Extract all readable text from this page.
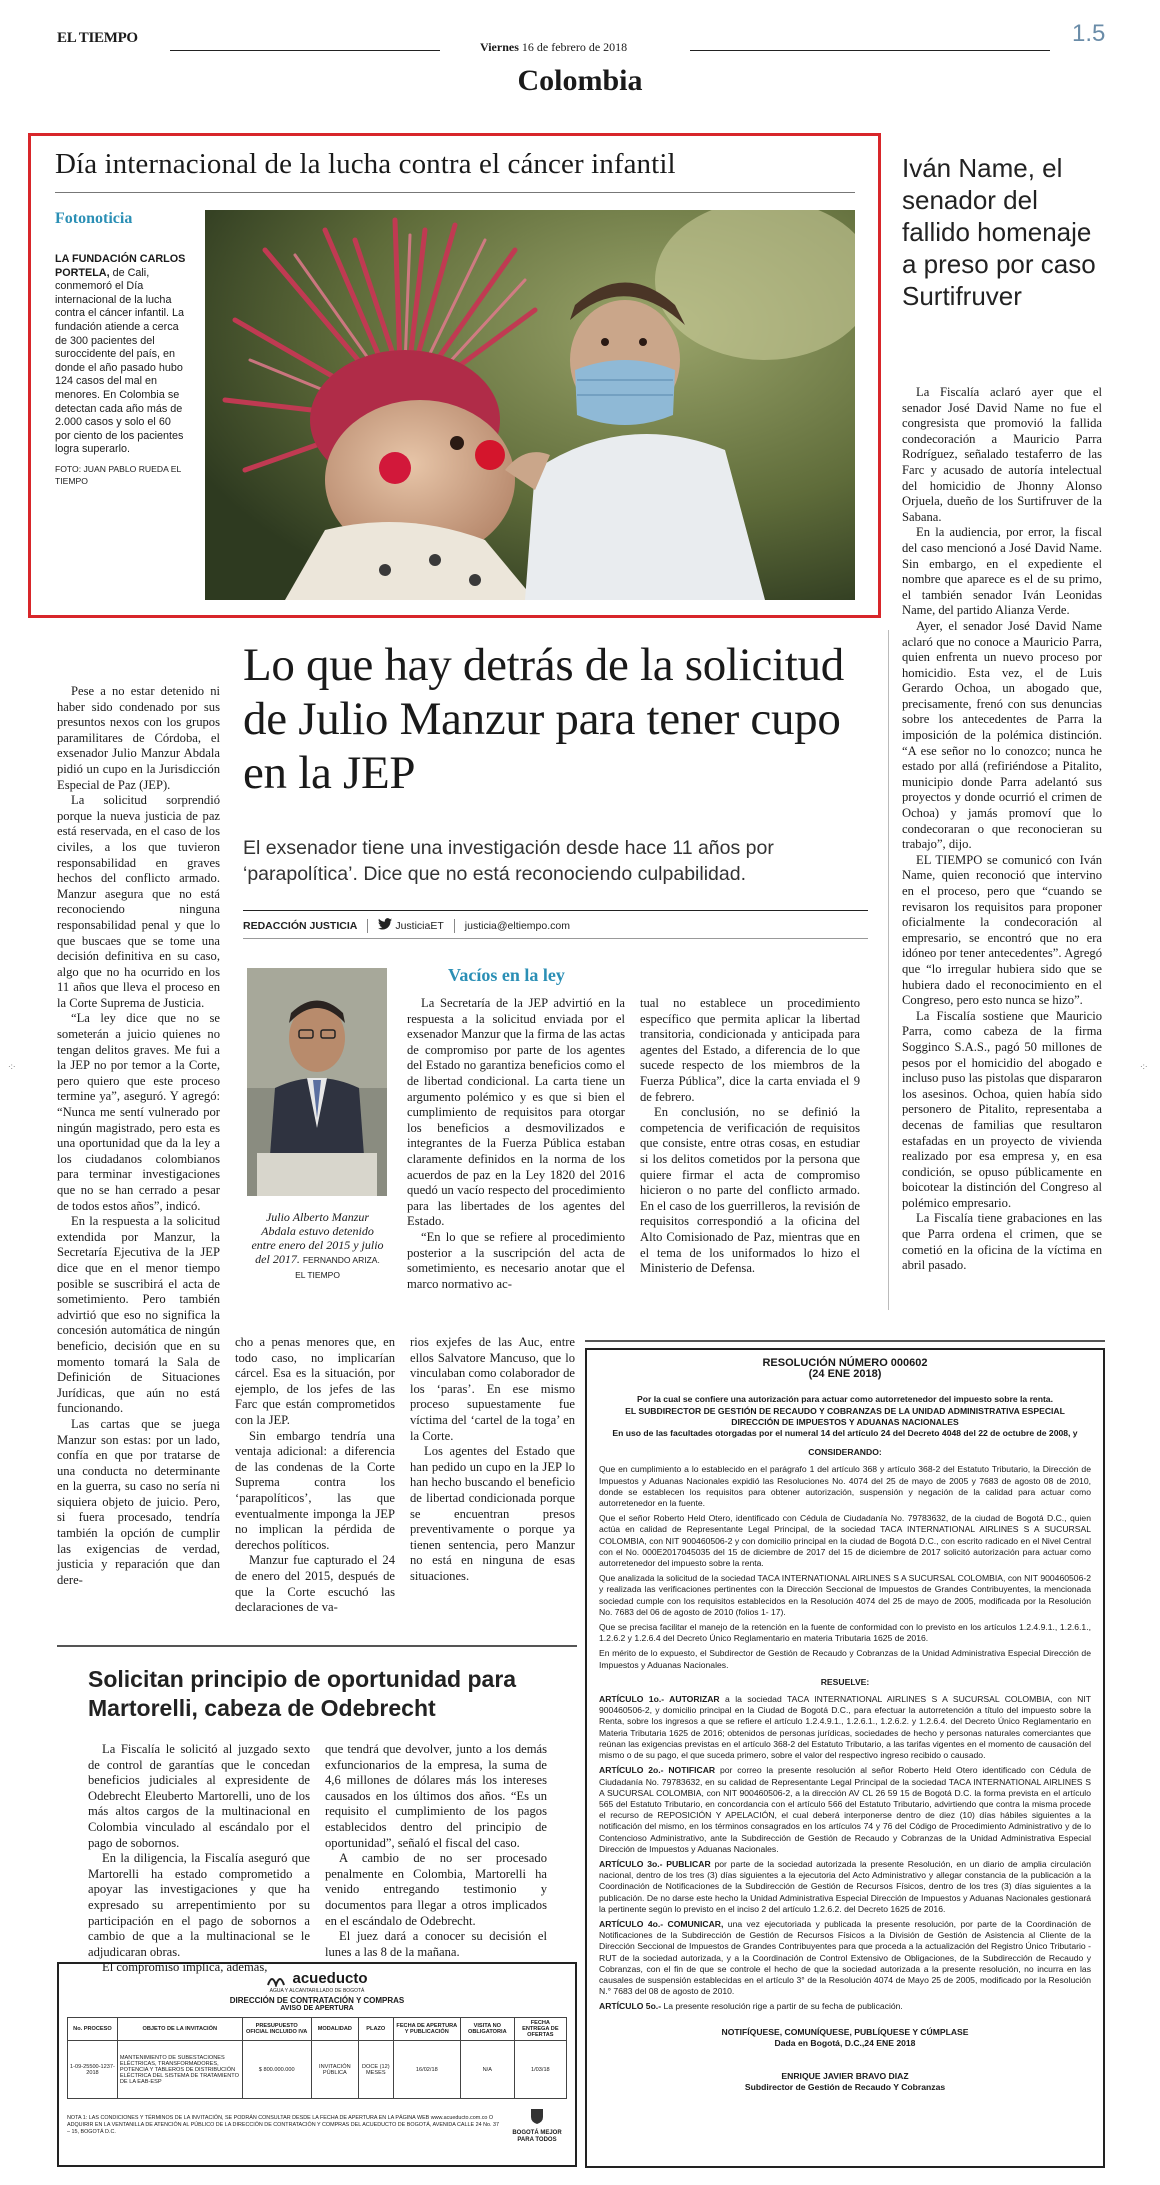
EL TIEMPO
Viernes 16 de febrero de 2018	1.5
Colombia
Día internacional de la lucha contra el cáncer infantil
Fotonoticia
LA FUNDACIÓN CARLOS PORTELA, de Cali, conmemoró el Día internacional de la lucha contra el cáncer infantil. La fundación atiende a cerca de 300 pacientes del suroccidente del país, en donde el año pasado hubo 124 casos del mal en menores. En Colombia se detectan cada año más de 2.000 casos y solo el 60 por ciento de los pacientes logra superarlo.
FOTO: JUAN PABLO RUEDA EL TIEMPO
Iván Name, el senador del fallido homenaje a preso por caso Surtifruver

La Fiscalía aclaró ayer que el senador José David Name no fue el congresista que promovió la fallida condecoración a Mauricio Parra Rodríguez, señalado testaferro de las Farc y acusado de autoría intelectual del homicidio de Jhonny Alonso Orjuela, dueño de los Surtifruver de la Sabana.

En la audiencia, por error, la fiscal del caso mencionó a José David Name. Sin embargo, en el expediente el nombre que aparece es el de su primo, el también senador Iván Leonidas Name, del partido Alianza Verde.

Ayer, el senador José David Name aclaró que no conoce a Mauricio Parra, quien enfrenta un nuevo proceso por homicidio. Esta vez, el de Luis Gerardo Ochoa, un abogado que, precisamente, frenó con sus denuncias sobre los antecedentes de Parra la imposición de la polémica distinción. “A ese señor no lo conozco; nunca he estado por allá (refiriéndose a Pitalito, municipio donde Parra adelantó sus proyectos y donde ocurrió el crimen de Ochoa) y jamás promoví que lo condecoraran o que reconocieran su trabajo”, dijo.

EL TIEMPO se comunicó con Iván Name, quien reconoció que intervino en el proceso, pero que “cuando se revisaron los requisitos para proponer oficialmente la condecoración al empresario, se encontró que no era idóneo por tener antecedentes”. Agregó que “lo irregular hubiera sido que se hubiera dado el reconocimiento en el Congreso, pero esto nunca se hizo”.

La Fiscalía sostiene que Mauricio Parra, como cabeza de la firma Sogginco S.A.S., pagó 50 millones de pesos por el homicidio del abogado e incluso puso las pistolas que dispararon los asesinos. Ochoa, quien había sido personero de Pitalito, representaba a decenas de familias que resultaron estafadas en un proyecto de vivienda realizado por esa empresa y, en esa condición, se opuso públicamente en boicotear la distinción del Congreso al polémico empresario.

La Fiscalía tiene grabaciones en las que Parra ordena el crimen, que se cometió en la oficina de la víctima en abril pasado.

Lo que hay detrás de la solicitud de Julio Manzur para tener cupo en la JEP
El exsenador tiene una investigación desde hace 11 años por ‘parapolítica’. Dice que no está reconociendo culpabilidad.
REDACCIÓN JUSTICIA	JusticiaET justicia@eltiempo.com

Pese a no estar detenido ni haber sido condenado por sus presuntos nexos con los grupos paramilitares de Córdoba, el exsenador Julio Manzur Abdala pidió un cupo en la Jurisdicción Especial de Paz (JEP).

La solicitud sorprendió porque la nueva justicia de paz está reservada, en el caso de los civiles, a los que tuvieron responsabilidad en graves hechos del conflicto armado. Manzur asegura que no está reconociendo ninguna responsabilidad penal y que lo que buscaes que se tome una decisión definitiva en su caso, algo que no ha ocurrido en los 11 años que lleva el proceso en la Corte Suprema de Justicia.

“La ley dice que no se someterán a juicio quienes no tengan delitos graves. Me fui a la JEP no por temor a la Corte, pero quiero que este proceso termine ya”, aseguró. Y agregó: “Nunca me sentí vulnerado por ningún magistrado, pero esta es una oportunidad que da la ley a los ciudadanos colombianos para terminar investigaciones que no se han cerrado a pesar de todos estos años”, indicó.

En la respuesta a la solicitud extendida por Manzur, la Secretaría Ejecutiva de la JEP dice que en el menor tiempo posible se suscribirá el acta de sometimiento. Pero también advirtió que eso no significa la concesión automática de ningún beneficio, decisión que en su momento tomará la Sala de Definición de Situaciones Jurídicas, que aún no está funcionando.

Las cartas que se juega Manzur son estas: por un lado, confía en que por tratarse de una conducta no determinante en la guerra, su caso no sería ni siquiera objeto de juicio. Pero, si fuera procesado, tendría también la opción de cumplir las exigencias de verdad, justicia y reparación que dan dere-

Julio Alberto Manzur Abdala estuvo detenido entre enero del 2015 y julio del 2017. FERNANDO ARIZA. EL TIEMPO
Vacíos en la ley

La Secretaría de la JEP advirtió en la respuesta a la solicitud enviada por el exsenador Manzur que la firma de las actas de compromiso por parte de los agentes del Estado no garantiza beneficios como el de libertad condicional. La carta tiene un argumento polémico y es que si bien el cumplimiento de requisitos para otorgar los beneficios a desmovilizados e integrantes de la Fuerza Pública estaban claramente definidos en la norma de los acuerdos de paz en la Ley 1820 del 2016 quedó un vacío respecto del procedimiento para las libertades de los agentes del Estado.

“En lo que se refiere al procedimiento posterior a la suscripción del acta de sometimiento, es necesario anotar que el marco normativo ac-

tual no establece un procedimiento específico que permita aplicar la libertad transitoria, condicionada y anticipada para agentes del Estado, a diferencia de lo que sucede respecto de los miembros de la Fuerza Pública”, dice la carta enviada el 9 de febrero.

En conclusión, no se definió la competencia de verificación de requisitos que consiste, entre otras cosas, en estudiar si los delitos cometidos por la persona que quiere firmar el acta de compromiso hicieron o no parte del conflicto armado. En el caso de los guerrilleros, la revisión de requisitos correspondió a la oficina del Alto Comisionado de Paz, mientras que en el tema de los uniformados lo hizo el Ministerio de Defensa.

cho a penas menores que, en todo caso, no implicarían cárcel. Esa es la situación, por ejemplo, de los jefes de las Farc que están comprometidos con la JEP.

Sin embargo tendría una ventaja adicional: a diferencia de las condenas de la Corte Suprema contra los ‘parapolíticos’, las que eventualmente imponga la JEP no implican la pérdida de derechos políticos.

Manzur fue capturado el 24 de enero del 2015, después de que la Corte escuchó las declaraciones de va-

rios exjefes de las Auc, entre ellos Salvatore Mancuso, que lo vinculaban como colaborador de los ‘paras’. En ese mismo proceso supuestamente fue víctima del ‘cartel de la toga’ en la Corte.

Los agentes del Estado que han pedido un cupo en la JEP lo han hecho buscando el beneficio de libertad condicionada porque se encuentran presos preventivamente o porque ya tienen sentencia, pero Manzur no está en ninguna de esas situaciones.

Solicitan principio de oportunidad para Martorelli, cabeza de Odebrecht

La Fiscalía le solicitó al juzgado sexto de control de garantías que le concedan beneficios judiciales al expresidente de Odebrecht Eleuberto Martorelli, uno de los más altos cargos de la multinacional en Colombia vinculado al escándalo por el pago de sobornos.

En la diligencia, la Fiscalía aseguró que Martorelli ha estado comprometido a apoyar las investigaciones y que ha expresado su arrepentimiento por su participación en el pago de sobornos a cambio de que a la multinacional se le adjudicaran obras.

El compromiso implica, además,

que tendrá que devolver, junto a los demás exfuncionarios de la empresa, la suma de 4,6 millones de dólares más los intereses causados en los últimos dos años. “Es un requisito el cumplimiento de los pagos establecidos dentro del principio de oportunidad”, señaló el fiscal del caso.

A cambio de no ser procesado penalmente en Colombia, Martorelli ha venido entregando testimonio y documentos para llegar a otros implicados en el escándalo de Odebrecht.

El juez dará a conocer su decisión el lunes a las 8 de la mañana.

acueducto
AGUA Y ALCANTARILLADO DE BOGOTÁ
DIRECCIÓN DE CONTRATACIÓN Y COMPRAS
AVISO DE APERTURA
No. PROCESO	OBJETO DE LA INVITACIÓN	PRESUPUESTO OFICIAL INCLUIDO IVA	MODALIDAD	PLAZO	FECHA DE APERTURA Y PUBLICACIÓN	VISITA NO OBLIGATORIA	FECHA ENTREGA DE OFERTAS
1-09-25500-1237-2018	MANTENIMIENTO DE SUBESTACIONES ELÉCTRICAS, TRANSFORMADORES, POTENCIA Y TABLEROS DE DISTRIBUCIÓN ELÉCTRICA DEL SISTEMA DE TRATAMIENTO DE LA EAB-ESP	$ 800.000.000	INVITACIÓN PÚBLICA	DOCE (12) MESES	16/02/18	N/A	1/03/18
NOTA 1: LAS CONDICIONES Y TÉRMINOS DE LA INVITACIÓN, SE PODRÁN CONSULTAR DESDE LA FECHA DE APERTURA EN LA PÁGINA WEB www.acueducto.com.co O ADQUIRIR EN LA VENTANILLA DE ATENCIÓN AL PÚBLICO DE LA DIRECCIÓN DE CONTRATACIÓN Y COMPRAS DEL ACUEDUCTO DE BOGOTÁ, AVENIDA CALLE 24 No. 37 – 15, BOGOTÁ D.C.	BOGOTÁ MEJOR PARA TODOS
RESOLUCIÓN NÚMERO 000602
(24 ENE 2018)
Por la cual se confiere una autorización para actuar como autorretenedor del impuesto sobre la renta.
EL SUBDIRECTOR DE GESTIÓN DE RECAUDO Y COBRANZAS DE LA UNIDAD ADMINISTRATIVA ESPECIAL
DIRECCIÓN DE IMPUESTOS Y ADUANAS NACIONALES
En uso de las facultades otorgadas por el numeral 14 del artículo 24 del Decreto 4048 del 22 de octubre de 2008, y
CONSIDERANDO:

Que en cumplimiento a lo establecido en el parágrafo 1 del artículo 368 y artículo 368-2 del Estatuto Tributario, la Dirección de Impuestos y Aduanas Nacionales expidió las Resoluciones No. 4074 del 25 de mayo de 2005 y 7683 de agosto 08 de 2010, donde se establecen los requisitos para obtener autorización, suspensión y negación de la calidad para actuar como autorretenedor en la fuente.

Que el señor Roberto Held Otero, identificado con Cédula de Ciudadanía No. 79783632, de la ciudad de Bogotá D.C., quien actúa en calidad de Representante Legal Principal, de la sociedad TACA INTERNATIONAL AIRLINES S A SUCURSAL COLOMBIA, con NIT 900460506-2 y con domicilio principal en la ciudad de Bogotá D.C., con escrito radicado en el Nivel Central con el No. 000E2017045035 del 15 de diciembre de 2017 del 15 de diciembre de 2017 solicitó autorización para actuar como autorretenedor del impuesto sobre la renta.

Que analizada la solicitud de la sociedad TACA INTERNATIONAL AIRLINES S A SUCURSAL COLOMBIA, con NIT 900460506-2 y realizada las verificaciones pertinentes con la Dirección Seccional de Impuestos de Grandes Contribuyentes, la mencionada sociedad cumple con los requisitos establecidos en la Resolución 4074 del 25 de mayo de 2005, modificada por la Resolución No. 7683 del 06 de agosto de 2010 (folios 1- 17).

Que se precisa facilitar el manejo de la retención en la fuente de conformidad con lo previsto en los artículos 1.2.4.9.1., 1.2.6.1., 1.2.6.2 y 1.2.6.4 del Decreto Único Reglamentario en materia Tributaria 1625 de 2016.

En mérito de lo expuesto, el Subdirector de Gestión de Recaudo y Cobranzas de la Unidad Administrativa Especial Dirección de Impuestos y Aduanas Nacionales.

RESUELVE:

ARTÍCULO 1o.- AUTORIZAR a la sociedad TACA INTERNATIONAL AIRLINES S A SUCURSAL COLOMBIA, con NIT 900460506-2, y domicilio principal en la Ciudad de Bogotá D.C., para efectuar la autorretención a título del impuesto sobre la Renta, sobre los ingresos a que se refiere el artículo 1.2.4.9.1., 1.2.6.1., 1.2.6.2. y 1.2.6.4. del Decreto Único Reglamentario en Materia Tributaria 1625 de 2016; obtenidos de personas jurídicas, sociedades de hecho y personas naturales comerciantes que reúnan las exigencias previstas en el artículo 368-2 del Estatuto Tributario, a las tarifas vigentes en el momento de causación del mismo o de su pago, el que suceda primero, sobre el valor del respectivo ingreso recibido o causado.

ARTÍCULO 2o.- NOTIFICAR por correo la presente resolución al señor Roberto Held Otero identificado con Cédula de Ciudadanía No. 79783632, en su calidad de Representante Legal Principal de la sociedad TACA INTERNATIONAL AIRLINES S A SUCURSAL COLOMBIA, con NIT 900460506-2, a la dirección AV CL 26 59 15 de Bogotá D.C. la forma prevista en el artículo 565 del Estatuto Tributario, en concordancia con el artículo 566 del Estatuto Tributario, advirtiendo que contra la misma procede el recurso de REPOSICIÓN Y APELACIÓN, el cual deberá interponerse dentro de diez (10) días hábiles siguientes a la notificación del mismo, en los términos consagrados en los artículos 74 y 76 del Código de Procedimiento Administrativo y de lo Contencioso Administrativo, ante la Subdirección de Gestión de Recaudo y Cobranzas de la Unidad Administrativa Especial Dirección de Impuestos y Aduanas Nacionales.

ARTÍCULO 3o.- PUBLICAR por parte de la sociedad autorizada la presente Resolución, en un diario de amplia circulación nacional, dentro de los tres (3) días siguientes a la ejecutoria del Acto Administrativo y allegar constancia de la publicación a la Coordinación de Notificaciones de la Subdirección de Gestión de Recursos Físicos, dentro de los tres (3) días siguientes a la publicación. De no darse este hecho la Unidad Administrativa Especial Dirección de Impuestos y Aduanas Nacionales gestionará la pertinente según lo previsto en el inciso 2 del artículo 1.2.6.2. del Decreto 1625 de 2016.

ARTÍCULO 4o.- COMUNICAR, una vez ejecutoriada y publicada la presente resolución, por parte de la Coordinación de Notificaciones de la Subdirección de Gestión de Recursos Físicos a la División de Gestión de Asistencia al Cliente de la Dirección Seccional de Impuestos de Grandes Contribuyentes para que proceda a la actualización del Registro Único Tributario - RUT de la sociedad autorizada, y a la Coordinación de Control Extensivo de Obligaciones, de la Subdirección de Recaudo y Cobranzas, con el fin de que se controle el hecho de que la sociedad autorizada a la presente resolución, no incurra en las causales de suspensión establecidas en el artículo 3° de la Resolución 4074 de Mayo 25 de 2005, modificado por la Resolución N.° 7683 del 08 de agosto de 2010.

ARTÍCULO 5o.- La presente resolución rige a partir de su fecha de publicación.

NOTIFÍQUESE, COMUNÍQUESE, PUBLÍQUESE Y CÚMPLASE
Dada en Bogotá, D.C.,24 ENE 2018
ENRIQUE JAVIER BRAVO DIAZ
Subdirector de Gestión de Recaudo Y Cobranzas
·:·	·:·
